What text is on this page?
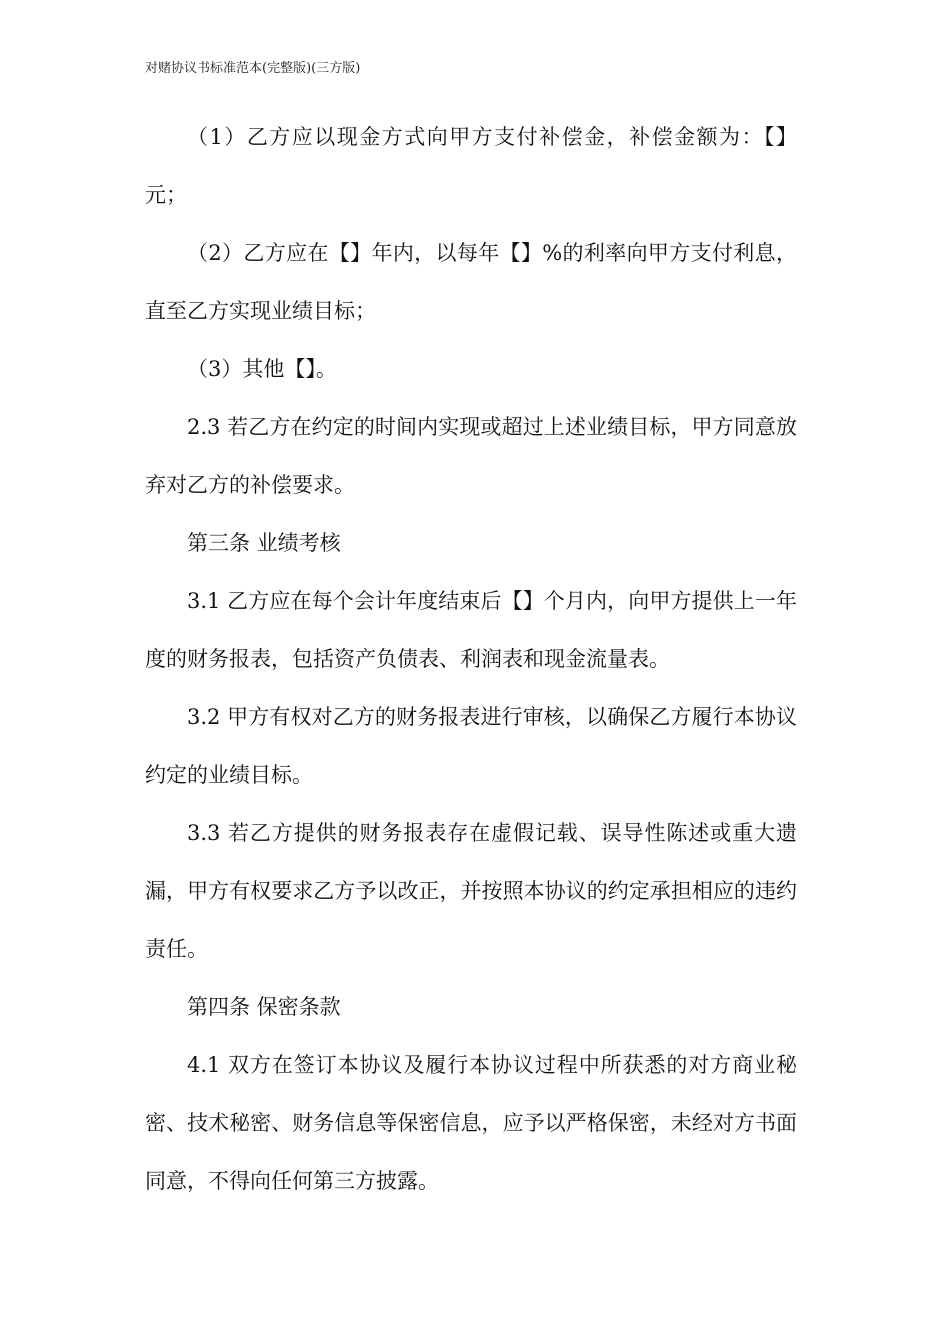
对赌协议书标准范本(完整版)(三方版)

（1）乙方应以现金方式向甲方支付补偿金，补偿金额为：【】元；

（2）乙方应在【】年内，以每年【】%的利率向甲方支付利息，直至乙方实现业绩目标；

（3）其他【】。

2.3 若乙方在约定的时间内实现或超过上述业绩目标，甲方同意放弃对乙方的补偿要求。

第三条 业绩考核

3.1 乙方应在每个会计年度结束后【】个月内，向甲方提供上一年度的财务报表，包括资产负债表、利润表和现金流量表。

3.2 甲方有权对乙方的财务报表进行审核，以确保乙方履行本协议约定的业绩目标。

3.3 若乙方提供的财务报表存在虚假记载、误导性陈述或重大遗漏，甲方有权要求乙方予以改正，并按照本协议的约定承担相应的违约责任。

第四条 保密条款

4.1 双方在签订本协议及履行本协议过程中所获悉的对方商业秘密、技术秘密、财务信息等保密信息，应予以严格保密，未经对方书面同意，不得向任何第三方披露。
